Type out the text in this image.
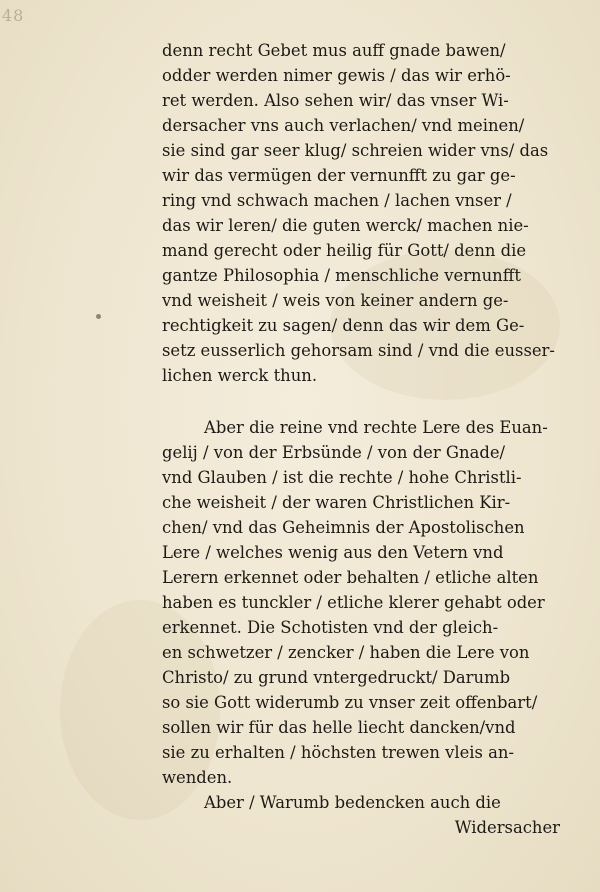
48
denn recht Gebet mus auff gnade bawen/
odder werden nimer gewis / das wir erhö‑
ret werden. Also sehen wir/ das vnser Wi‑
dersacher vns auch verlachen/ vnd meinen/
sie sind gar seer klug/ schreien wider vns/ das
wir das vermügen der vernunfft zu gar ge‑
ring vnd schwach machen / lachen vnser /
das wir leren/ die guten werck/ machen nie‑
mand gerecht oder heilig für Gott/ denn die
gantze Philosophia / menschliche vernunfft
vnd weisheit / weis von keiner andern ge‑
rechtigkeit zu sagen/ denn das wir dem Ge‑
setz eusserlich gehorsam sind / vnd die eusser‑
lichen werck thun.
Aber die reine vnd rechte Lere des Euan‑
gelij / von der Erbsünde / von der Gnade/
vnd Glauben / ist die rechte / hohe Christli‑
che weisheit / der waren Christlichen Kir‑
chen/ vnd das Geheimnis der Apostolischen
Lere / welches wenig aus den Vetern vnd
Lerern erkennet oder behalten / etliche alten
haben es tunckler / etliche klerer gehabt oder
erkennet. Die Schotisten vnd der gleich‑
en schwetzer / zencker / haben die Lere von
Christo/ zu grund vntergedruckt/ Darumb
so sie Gott widerumb zu vnser zeit offenbart/
sollen wir für das helle liecht dancken/vnd
sie zu erhalten / höchsten trewen vleis an‑
wenden.
Aber / Warumb bedencken auch die
Widersacher
